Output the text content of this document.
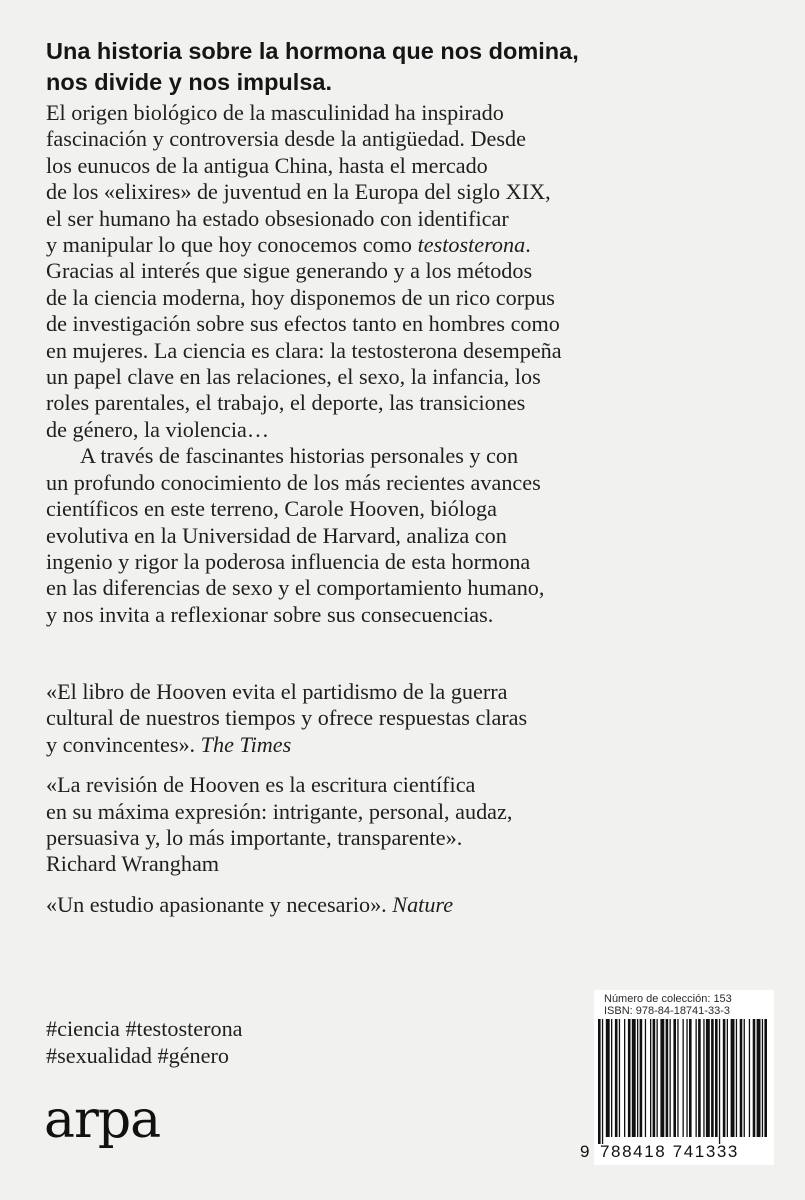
Una historia sobre la hormona que nos domina,
nos divide y nos impulsa.
El origen biológico de la masculinidad ha inspirado
fascinación y controversia desde la antigüedad. Desde
los eunucos de la antigua China, hasta el mercado
de los «elixires» de juventud en la Europa del siglo XIX,
el ser humano ha estado obsesionado con identificar
y manipular lo que hoy conocemos como testosterona.
Gracias al interés que sigue generando y a los métodos
de la ciencia moderna, hoy disponemos de un rico corpus
de investigación sobre sus efectos tanto en hombres como
en mujeres. La ciencia es clara: la testosterona desempeña
un papel clave en las relaciones, el sexo, la infancia, los
roles parentales, el trabajo, el deporte, las transiciones
de género, la violencia…
A través de fascinantes historias personales y con
un profundo conocimiento de los más recientes avances
científicos en este terreno, Carole Hooven, bióloga
evolutiva en la Universidad de Harvard, analiza con
ingenio y rigor la poderosa influencia de esta hormona
en las diferencias de sexo y el comportamiento humano,
y nos invita a reflexionar sobre sus consecuencias.
«El libro de Hooven evita el partidismo de la guerra
cultural de nuestros tiempos y ofrece respuestas claras
y convincentes». The Times
«La revisión de Hooven es la escritura científica
en su máxima expresión: intrigante, personal, audaz,
persuasiva y, lo más importante, transparente».
Richard Wrangham
«Un estudio apasionante y necesario». Nature
#ciencia #testosterona
#sexualidad #género
arpa
Número de colección: 153
ISBN: 978-84-18741-33-3
9 788418 741333
